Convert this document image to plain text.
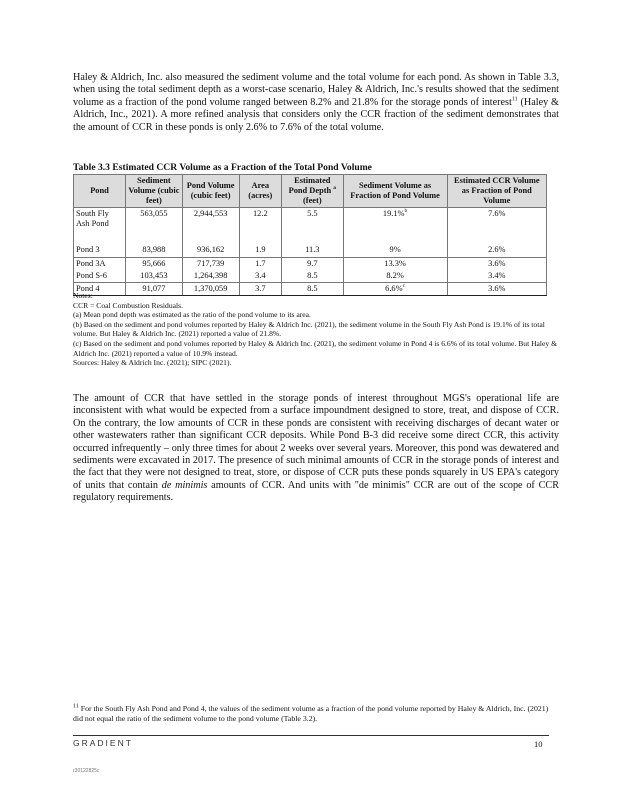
Haley & Aldrich, Inc. also measured the sediment volume and the total volume for each pond. As shown in Table 3.3, when using the total sediment depth as a worst-case scenario, Haley & Aldrich, Inc.'s results showed that the sediment volume as a fraction of the pond volume ranged between 8.2% and 21.8% for the storage ponds of interest$^{11}$ (Haley & Aldrich, Inc., 2021). A more refined analysis that considers only the CCR fraction of the sediment demonstrates that the amount of CCR in these ponds is only 2.6% to 7.6% of the total volume.

Table 3.3 Estimated CCR Volume as a Fraction of the Total Pond Volume
Pond	Sediment Volume (cubic feet)	Pond Volume (cubic feet)	Area (acres)	Estimated Pond Depth $^a$
(feet)	Sediment Volume as Fraction of Pond Volume	Estimated CCR Volume as Fraction of Pond Volume
South Fly Ash Pond	563,055	2,944,553	12.2	5.5	19.1%$^b$	7.6%
Pond 3	83,988	936,162	1.9	11.3	9%	2.6%
Pond 3A	95,666	717,739	1.7	9.7	13.3%	3.6%
Pond S-6	103,453	1,264,398	3.4	8.5	8.2%	3.4%
Pond 4	91,077	1,370,059	3.7	8.5	6.6%$^c$	3.6%
Notes:
CCR = Coal Combustion Residuals.
(a) Mean pond depth was estimated as the ratio of the pond volume to its area.
(b) Based on the sediment and pond volumes reported by Haley & Aldrich Inc. (2021), the sediment volume in the South Fly Ash Pond is 19.1% of its total volume. But Haley & Aldrich Inc. (2021) reported a value of 21.8%.
(c) Based on the sediment and pond volumes reported by Haley & Aldrich Inc. (2021), the sediment volume in Pond 4 is 6.6% of its total volume. But Haley & Aldrich Inc. (2021) reported a value of 10.9% instead.
Sources: Haley & Aldrich Inc. (2021); SIPC (2021).

The amount of CCR that have settled in the storage ponds of interest throughout MGS's operational life are inconsistent with what would be expected from a surface impoundment designed to store, treat, and dispose of CCR. On the contrary, the low amounts of CCR in these ponds are consistent with receiving discharges of decant water or other wastewaters rather than significant CCR deposits. While Pond B-3 did receive some direct CCR, this activity occurred infrequently – only three times for about 2 weeks over several years. Moreover, this pond was dewatered and sediments were excavated in 2017. The presence of such minimal amounts of CCR in the storage ponds of interest and the fact that they were not designed to treat, store, or dispose of CCR puts these ponds squarely in US EPA's category of units that contain de minimis amounts of CCR. And units with "de minimis" CCR are out of the scope of CCR regulatory requirements.

$^{11}$ For the South Fly Ash Pond and Pond 4, the values of the sediment volume as a fraction of the pond volume reported by Haley & Aldrich, Inc. (2021) did not equal the ratio of the sediment volume to the pond volume (Table 3.2).
GRADIENT	10
r30122825c
